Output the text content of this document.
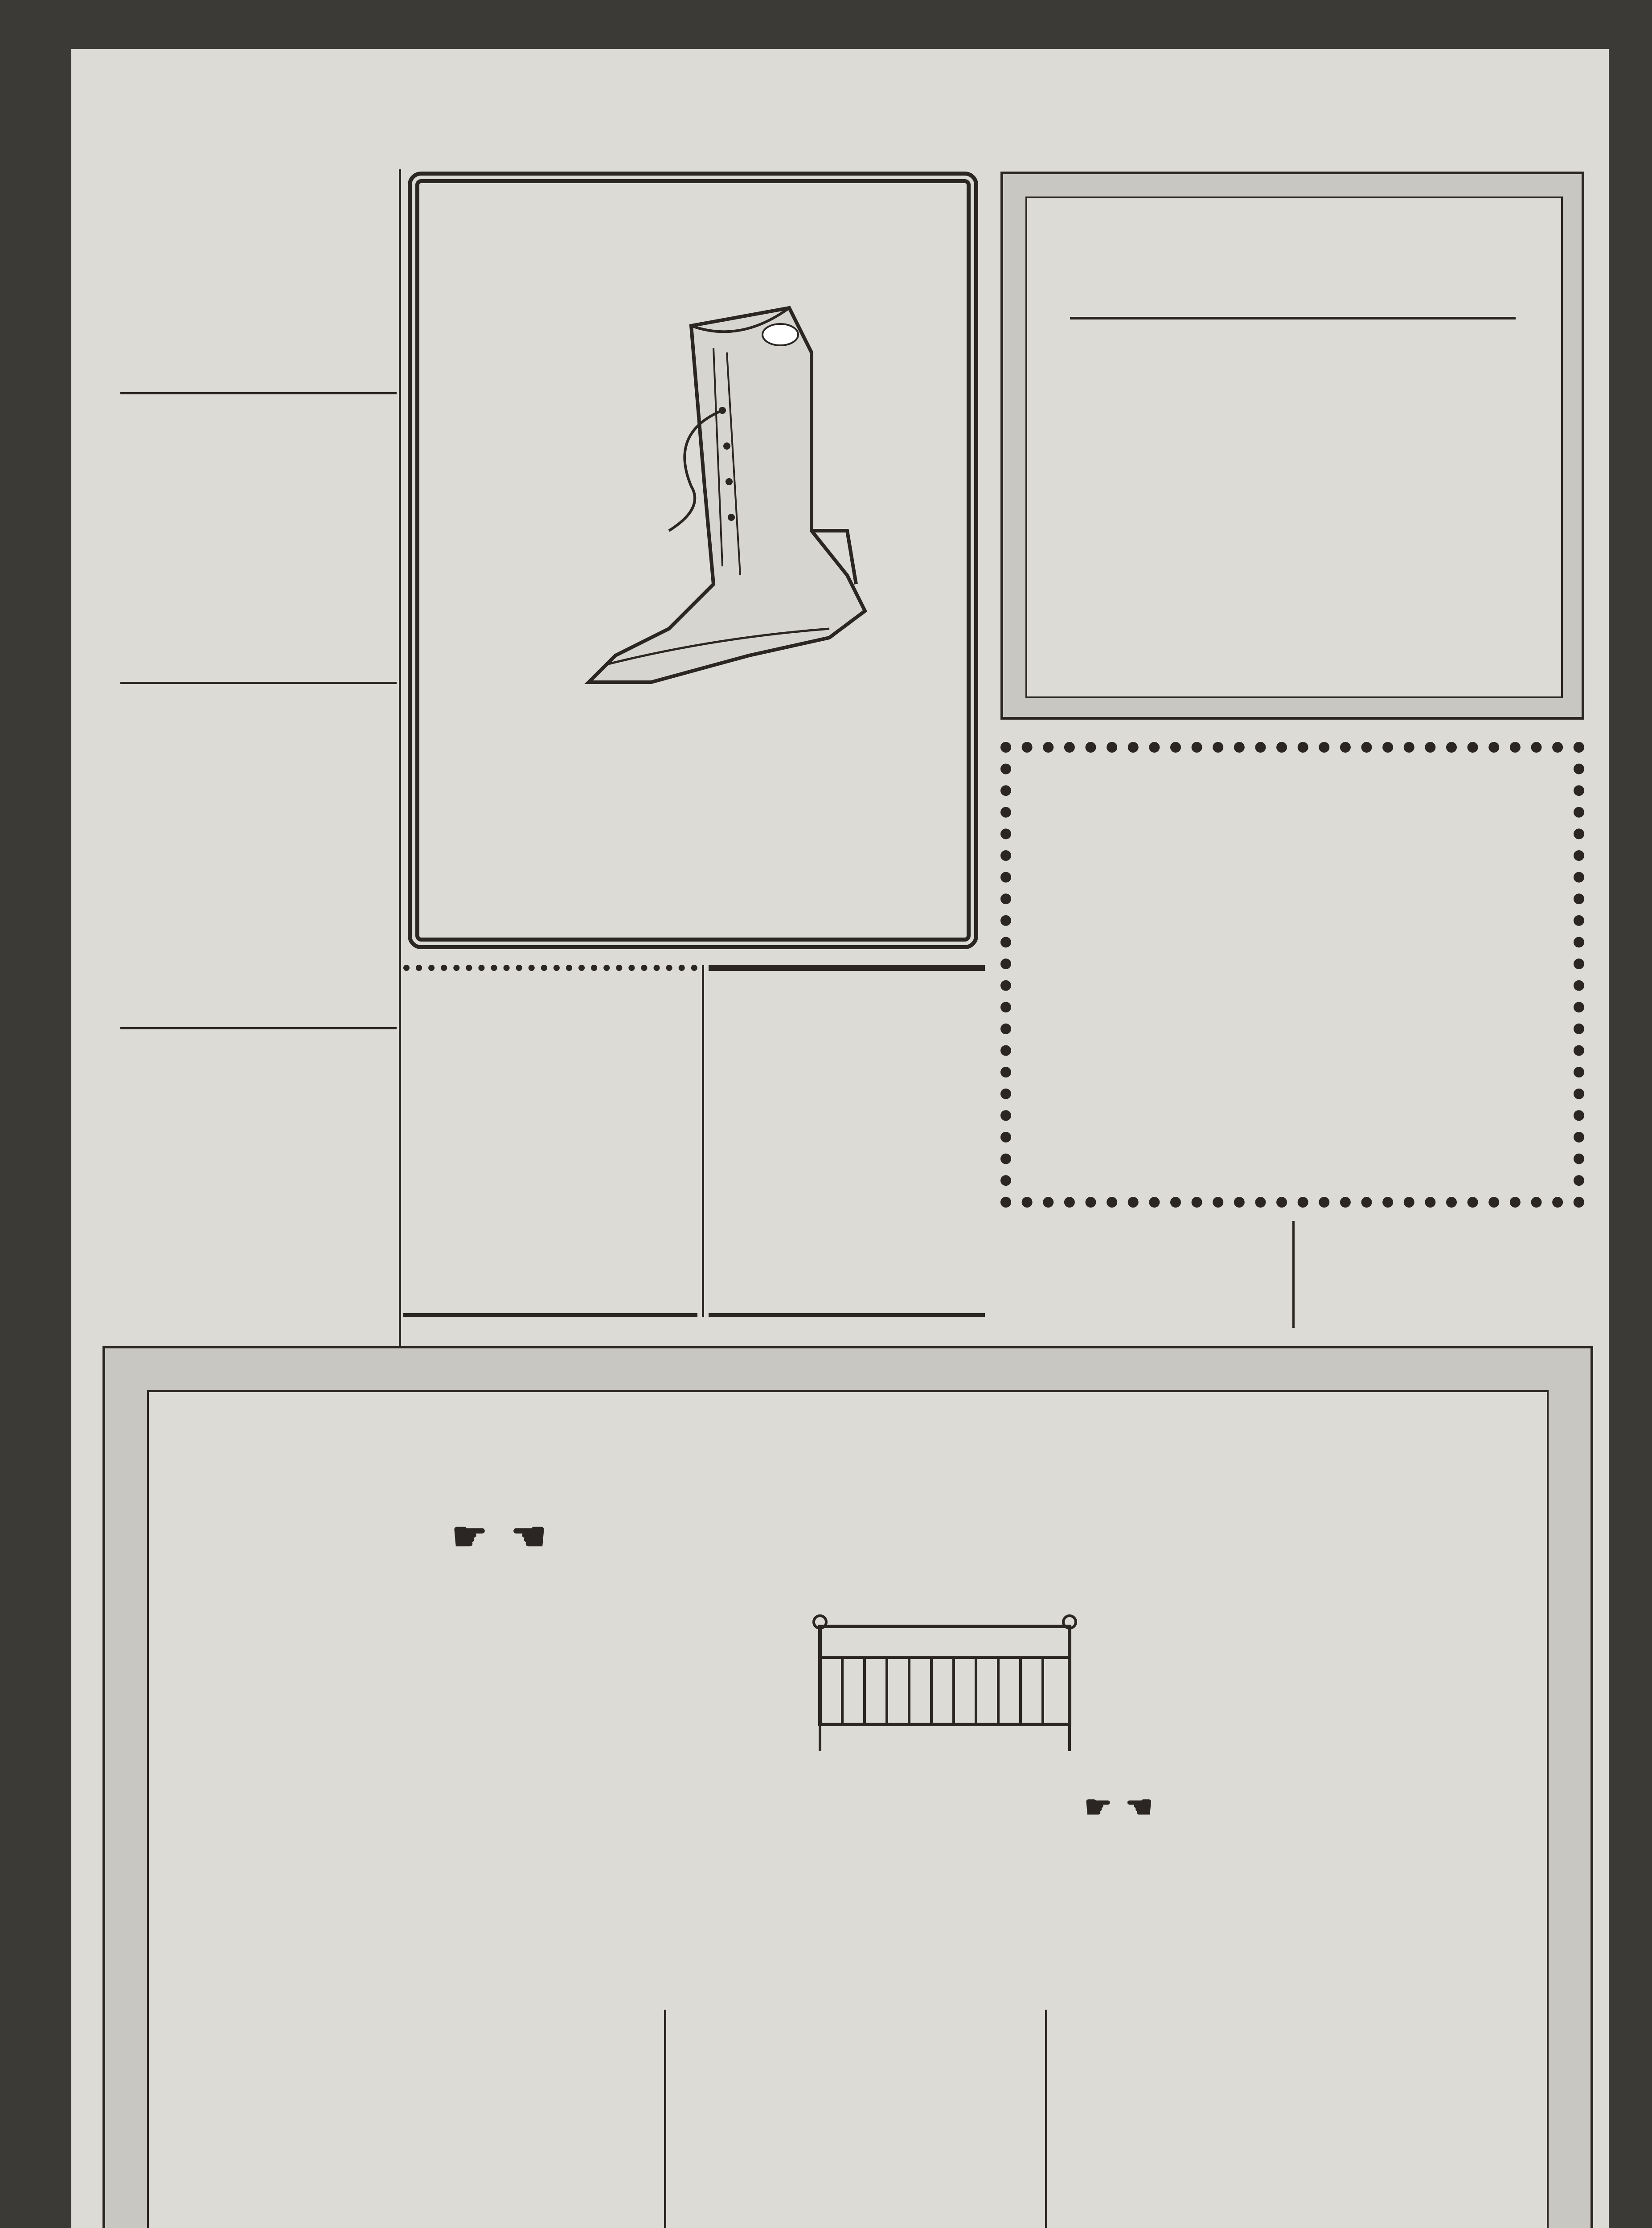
☛ ☛
☛ ☛
